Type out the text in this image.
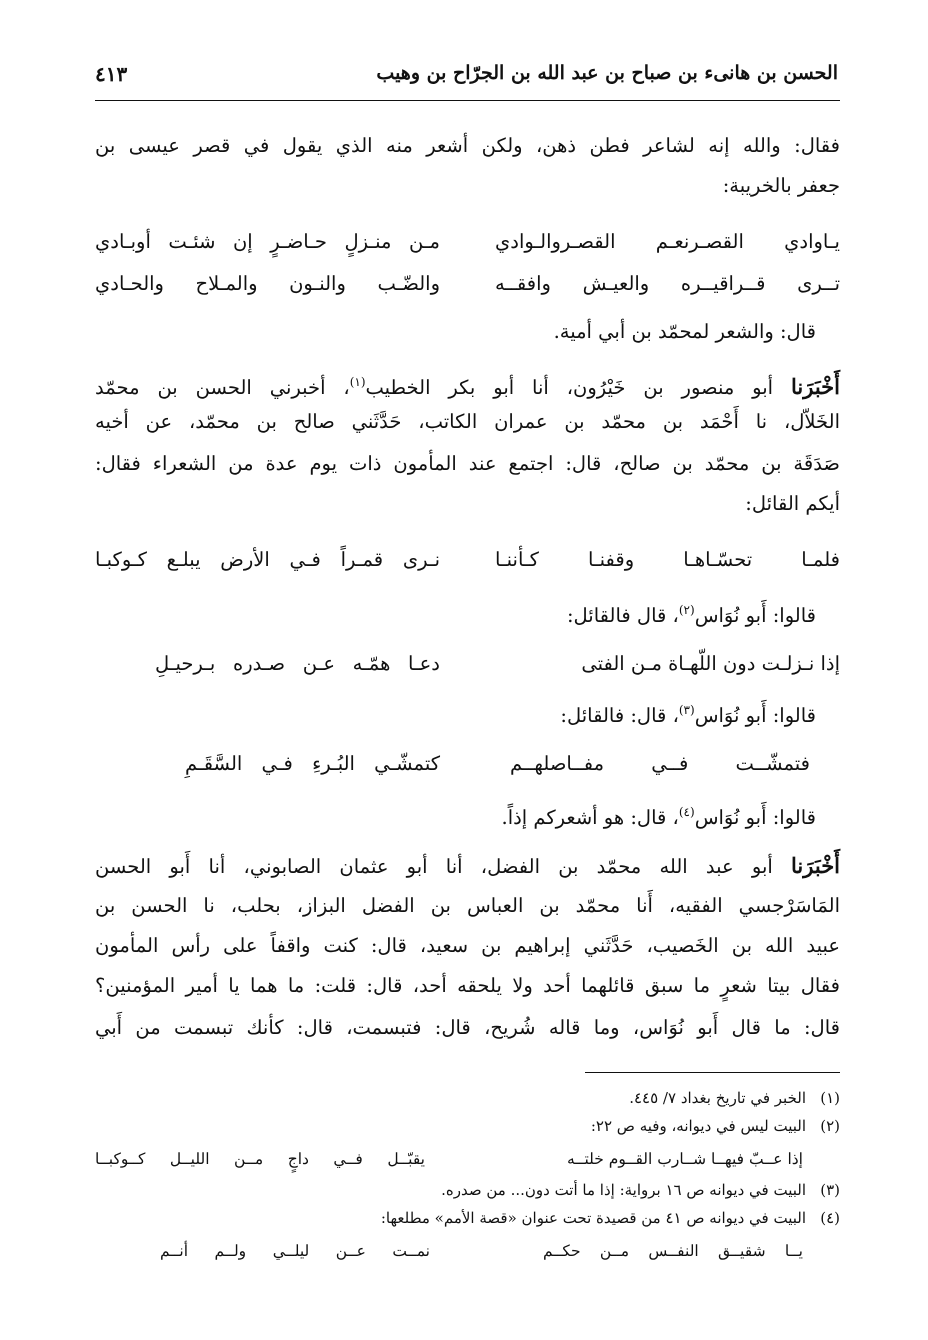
الحسن بن هانىء بن صباح بن عبد الله بن الجرّاح بن وهيب
٤١٣
فقال: والله إنه لشاعر فطن ذهن، ولكن أشعر منه الذي يقول في قصر عيسى بن
جعفر بالخريبة:
يـاوادي القصـرنعـم القصـروالـوادي
مـن منـزلٍ حـاضـرٍ إن شئـت أوبـادي
تــرى قــراقيــره والعيـش وافقــه
والضّـب والنـون والمـلاح والحـادي
قال: والشعر لمحمّد بن أبي أمية.
أَخْبَرَنا أبو منصور بن خَيْرُون، أنا أبو بكر الخطيب$^{(١)}$، أخبرني الحسن بن محمّد
الخَلاّل، نا أَحْمَد بن محمّد بن عمران الكاتب، حَدَّثَني صالح بن محمّد، عن أخيه
صَدَقَة بن محمّد بن صالح، قال: اجتمع عند المأمون ذات يوم عدة من الشعراء فقال:
أيكم القائل:
فلمـا تحسّـاهـا وقفنـا كـأننـا
نـرى قمـراً فـي الأرض يبلـع كـوكبـا
قالوا: أَبو نُوَاس$^{(٢)}$، قال فالقائل:
إذا نـزلـت دون اللّهـاة مـن الفتى
دعـا همّـه عـن صـدره بـرحيـلِ
قالوا: أَبو نُوَاس$^{(٣)}$، قال: فالقائل:
فتمشّــت فــي مفــاصلهــم
كتمشّـي البُـرءِ فـي السَّقَـمِ
قالوا: أَبو نُوَاس$^{(٤)}$، قال: هو أشعركم إذاً.
أَخْبَرَنا أبو عبد الله محمّد بن الفضل، أنا أبو عثمان الصابوني، أنا أَبو الحسن
المَاسَرْجسي الفقيه، أَنا محمّد بن العباس بن الفضل البزاز، بحلب، نا الحسن بن
عبيد الله بن الخَصيب، حَدَّثَني إبراهيم بن سعيد، قال: كنت واقفاً على رأس المأمون
فقال بيتا شعرٍ ما سبق قائلهما أحد ولا يلحقه أحد، قال: قلت: ما هما يا أمير المؤمنين؟
قال: ما قال أَبو نُوَاس، وما قاله شُريح، قال: فتبسمت، قال: كأنك تبسمت من أَبي
(١)الخبر في تاريخ بغداد ٧/ ٤٤٥.
(٢)البيت ليس في ديوانه، وفيه ص ٢٢:
إذا عــبّ فيهــا شــارب القــوم خلتــه
يقبّــل فــي داجٍ مــن الليــل كــوكبــا
(٣)البيت في ديوانه ص ١٦ برواية: إذا ما أتت دون... من صدره.
(٤)البيت في ديوانه ص ٤١ من قصيدة تحت عنوان «قصة الأمم» مطلعها:
يــا شقيــق النفــس مــن حكــم
نمــت عــن ليلــي ولــم أنــم
